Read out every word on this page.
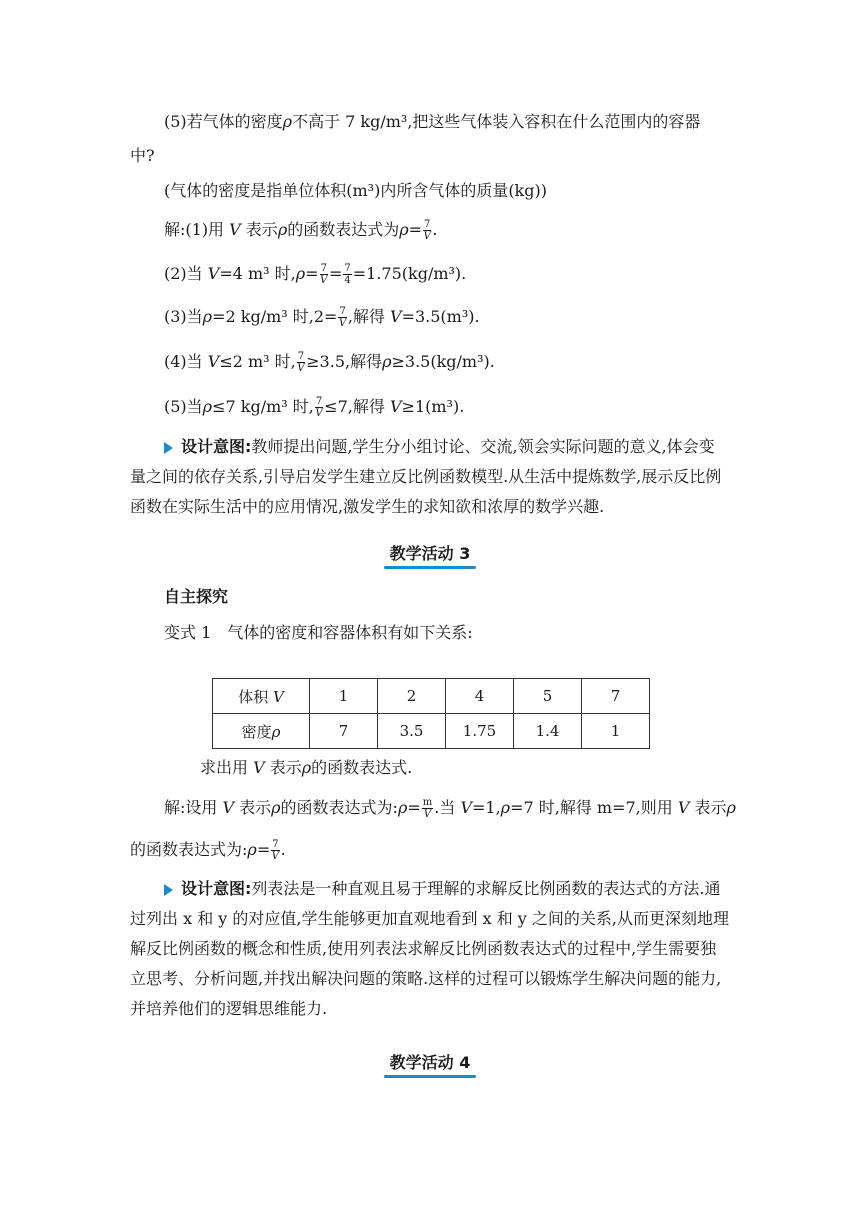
(5)若气体的密度ρ不高于 7 kg/m³,把这些气体装入容积在什么范围内的容器
中?
(气体的密度是指单位体积(m³)内所含气体的质量(kg))
解:(1)用 V 表示ρ的函数表达式为$\rho= \frac{7}{V}$ .
(2)当 V=4 m³ 时$,\rho= \frac{7}{V} = \frac{7}{4} =1.75(kg/m^3)$.
(3)当ρ=2 kg/m³ 时$,2= \frac{7}{V}$ ,解得 V=3.5(m³).
(4)当 V≤2 m³ 时, $\frac{7}{V} \ge 3.5$,解得ρ≥3.5(kg/m³).
(5)当ρ≤7 kg/m³ 时, $\frac{7}{V} \le 7$,解得 V≥1(m³).
设计意图:教师提出问题,学生分小组讨论、交流,领会实际问题的意义,体会变量之间的依存关系,引导启发学生建立反比例函数模型.从生活中提炼数学,展示反比例函数在实际生活中的应用情况,激发学生的求知欲和浓厚的数学兴趣.
教学活动 3
自主探究
变式 1　气体的密度和容器体积有如下关系:
体积 V	1	2	4	5	7
密度ρ	7	3.5	1.75	1.4	1
求出用 V 表示ρ的函数表达式.
解:设用 V 表示ρ的函数表达式为:ρ= $\frac{m}{V}$ .当 V=1,ρ=7 时,解得 m=7,则用 V 表示ρ
的函数表达式为:ρ= $\frac{7}{V}$ .
设计意图:列表法是一种直观且易于理解的求解反比例函数的表达式的方法.通过列出 x 和 y 的对应值,学生能够更加直观地看到 x 和 y 之间的关系,从而更深刻地理解反比例函数的概念和性质,使用列表法求解反比例函数表达式的过程中,学生需要独立思考、分析问题,并找出解决问题的策略.这样的过程可以锻炼学生解决问题的能力,并培养他们的逻辑思维能力.
教学活动 4
